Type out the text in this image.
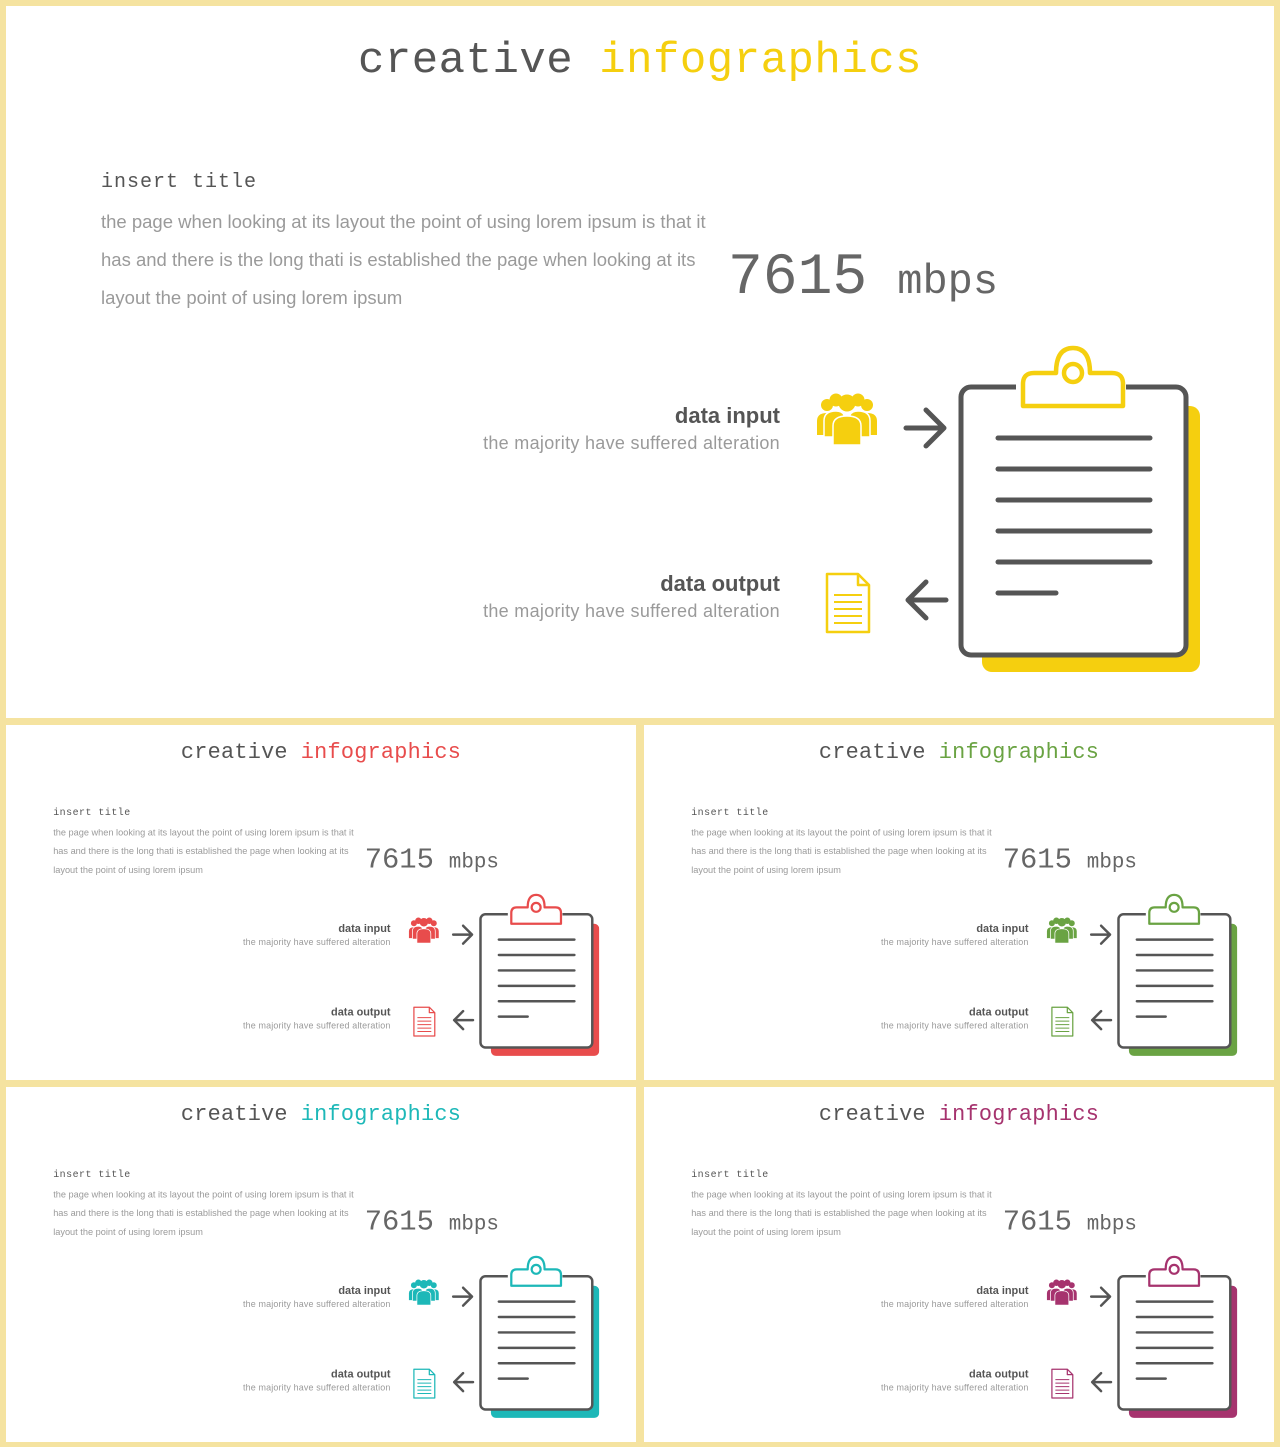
creative infographics
insert title
the page when looking at its layout the point of using lorem ipsum is that it has and there is the long thati is established the page when looking at its layout the point of using lorem ipsum	7615 mbps
data input
the majority have suffered alteration
data output
the majority have suffered alteration
creative infographics
insert title
the page when looking at its layout the point of using lorem ipsum is that it has and there is the long thati is established the page when looking at its layout the point of using lorem ipsum	7615 mbps
data input
the majority have suffered alteration
data output
the majority have suffered alteration
creative infographics
insert title
the page when looking at its layout the point of using lorem ipsum is that it has and there is the long thati is established the page when looking at its layout the point of using lorem ipsum	7615 mbps
data input
the majority have suffered alteration
data output
the majority have suffered alteration
creative infographics
insert title
the page when looking at its layout the point of using lorem ipsum is that it has and there is the long thati is established the page when looking at its layout the point of using lorem ipsum	7615 mbps
data input
the majority have suffered alteration
data output
the majority have suffered alteration
creative infographics
insert title
the page when looking at its layout the point of using lorem ipsum is that it has and there is the long thati is established the page when looking at its layout the point of using lorem ipsum	7615 mbps
data input
the majority have suffered alteration
data output
the majority have suffered alteration
